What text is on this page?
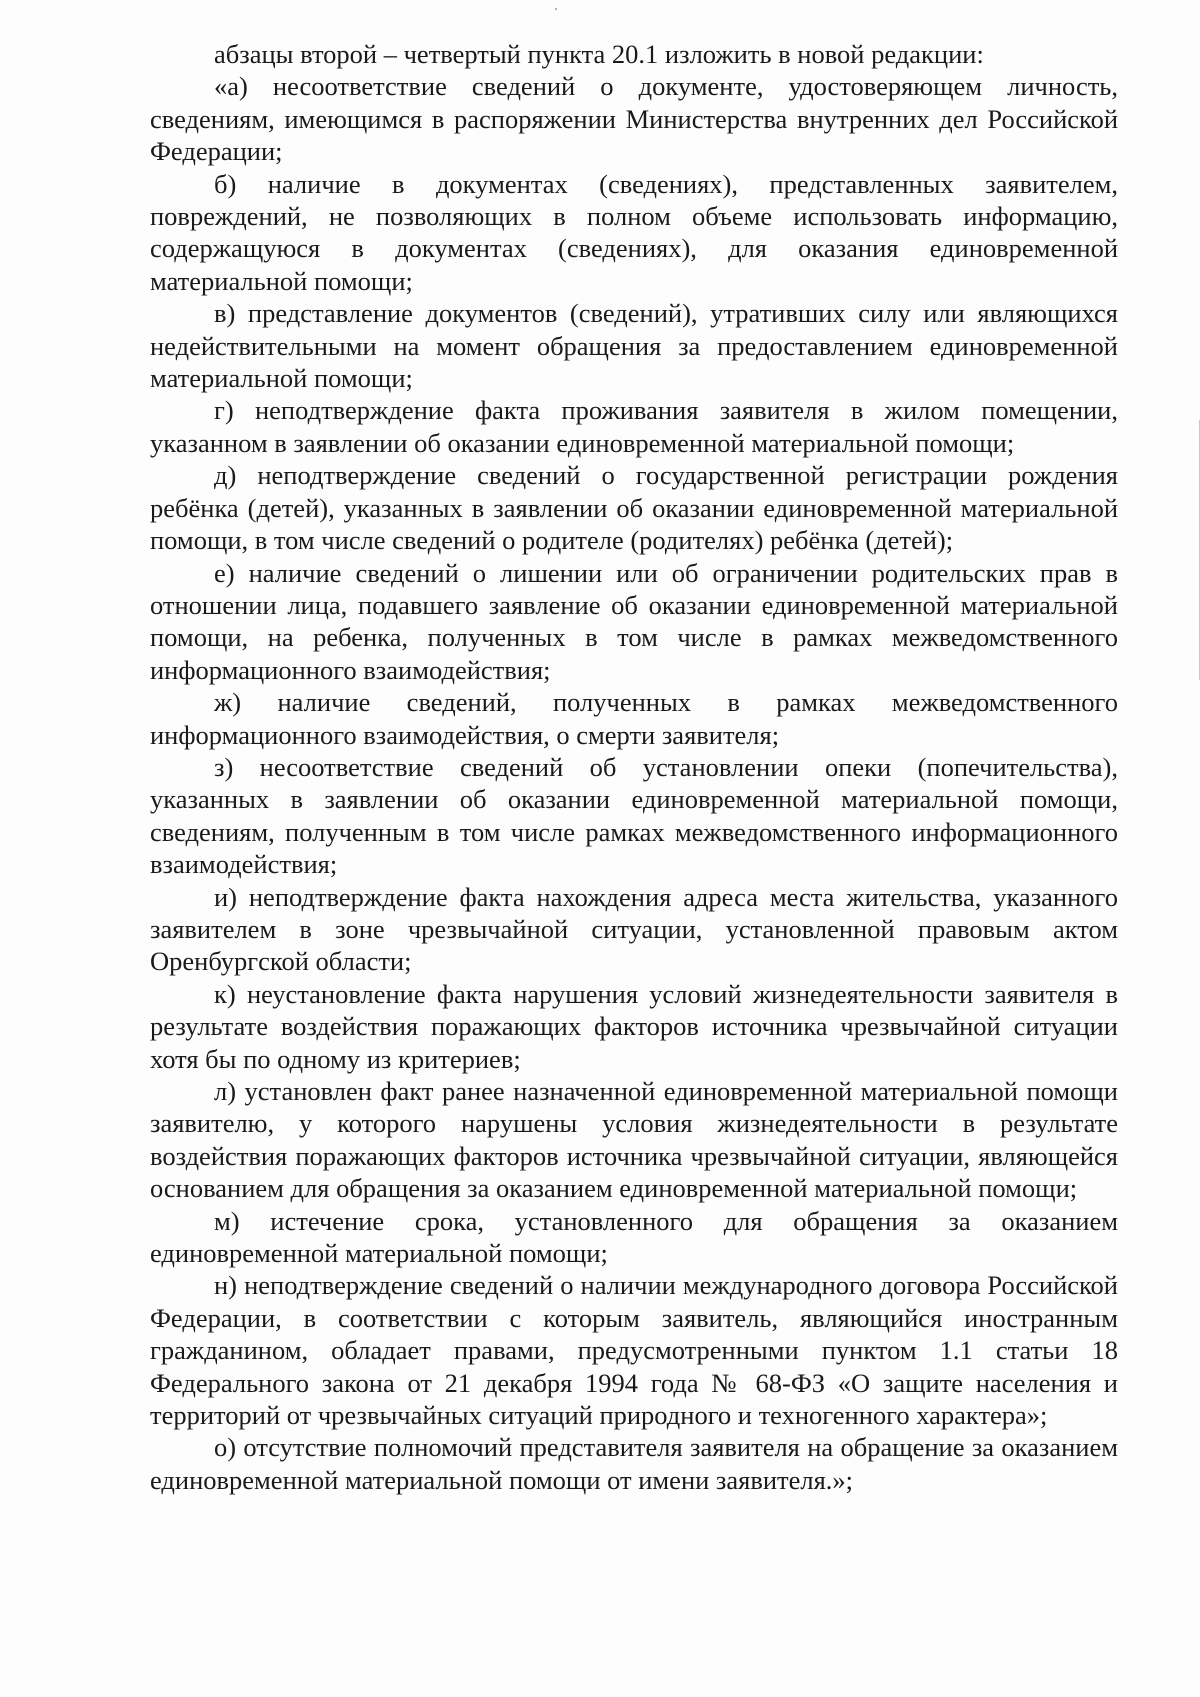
абзацы второй – четвертый пункта 20.1 изложить в новой редакции:

«а) несоответствие сведений о документе, удостоверяющем личность, сведениям, имеющимся в распоряжении Министерства внутренних дел Российской Федерации;

б) наличие в документах (сведениях), представленных заявителем, повреждений, не позволяющих в полном объеме использовать информацию, содержащуюся в документах (сведениях), для оказания единовременной материальной помощи;

в) представление документов (сведений), утративших силу или являющихся недействительными на момент обращения за предоставлением единовременной материальной помощи;

г) неподтверждение факта проживания заявителя в жилом помещении, указанном в заявлении об оказании единовременной материальной помощи;

д) неподтверждение сведений о государственной регистрации рождения ребёнка (детей), указанных в заявлении об оказании единовременной материальной помощи, в том числе сведений о родителе (родителях) ребёнка (детей);

е) наличие сведений о лишении или об ограничении родительских прав в отношении лица, подавшего заявление об оказании единовременной материальной помощи, на ребенка, полученных в том числе в рамках межведомственного информационного взаимодействия;

ж) наличие сведений, полученных в рамках межведомственного информационного взаимодействия, о смерти заявителя;

з) несоответствие сведений об установлении опеки (попечительства), указанных в заявлении об оказании единовременной материальной помощи, сведениям, полученным в том числе рамках межведомственного информационного взаимодействия;

и) неподтверждение факта нахождения адреса места жительства, указанного заявителем в зоне чрезвычайной ситуации, установленной правовым актом Оренбургской области;

к) неустановление факта нарушения условий жизнедеятельности заявителя в результате воздействия поражающих факторов источника чрезвычайной ситуации хотя бы по одному из критериев;

л) установлен факт ранее назначенной единовременной материальной помощи заявителю, у которого нарушены условия жизнедеятельности в результате воздействия поражающих факторов источника чрезвычайной ситуации, являющейся основанием для обращения за оказанием единовременной материальной помощи;

м) истечение срока, установленного для обращения за оказанием единовременной материальной помощи;

н) неподтверждение сведений о наличии международного договора Российской Федерации, в соответствии с которым заявитель, являющийся иностранным гражданином, обладает правами, предусмотренными пунктом 1.1 статьи 18 Федерального закона от 21 декабря 1994 года № 68-ФЗ «О защите населения и территорий от чрезвычайных ситуаций природного и техногенного характера»;

о) отсутствие полномочий представителя заявителя на обращение за оказанием единовременной материальной помощи от имени заявителя.»;
